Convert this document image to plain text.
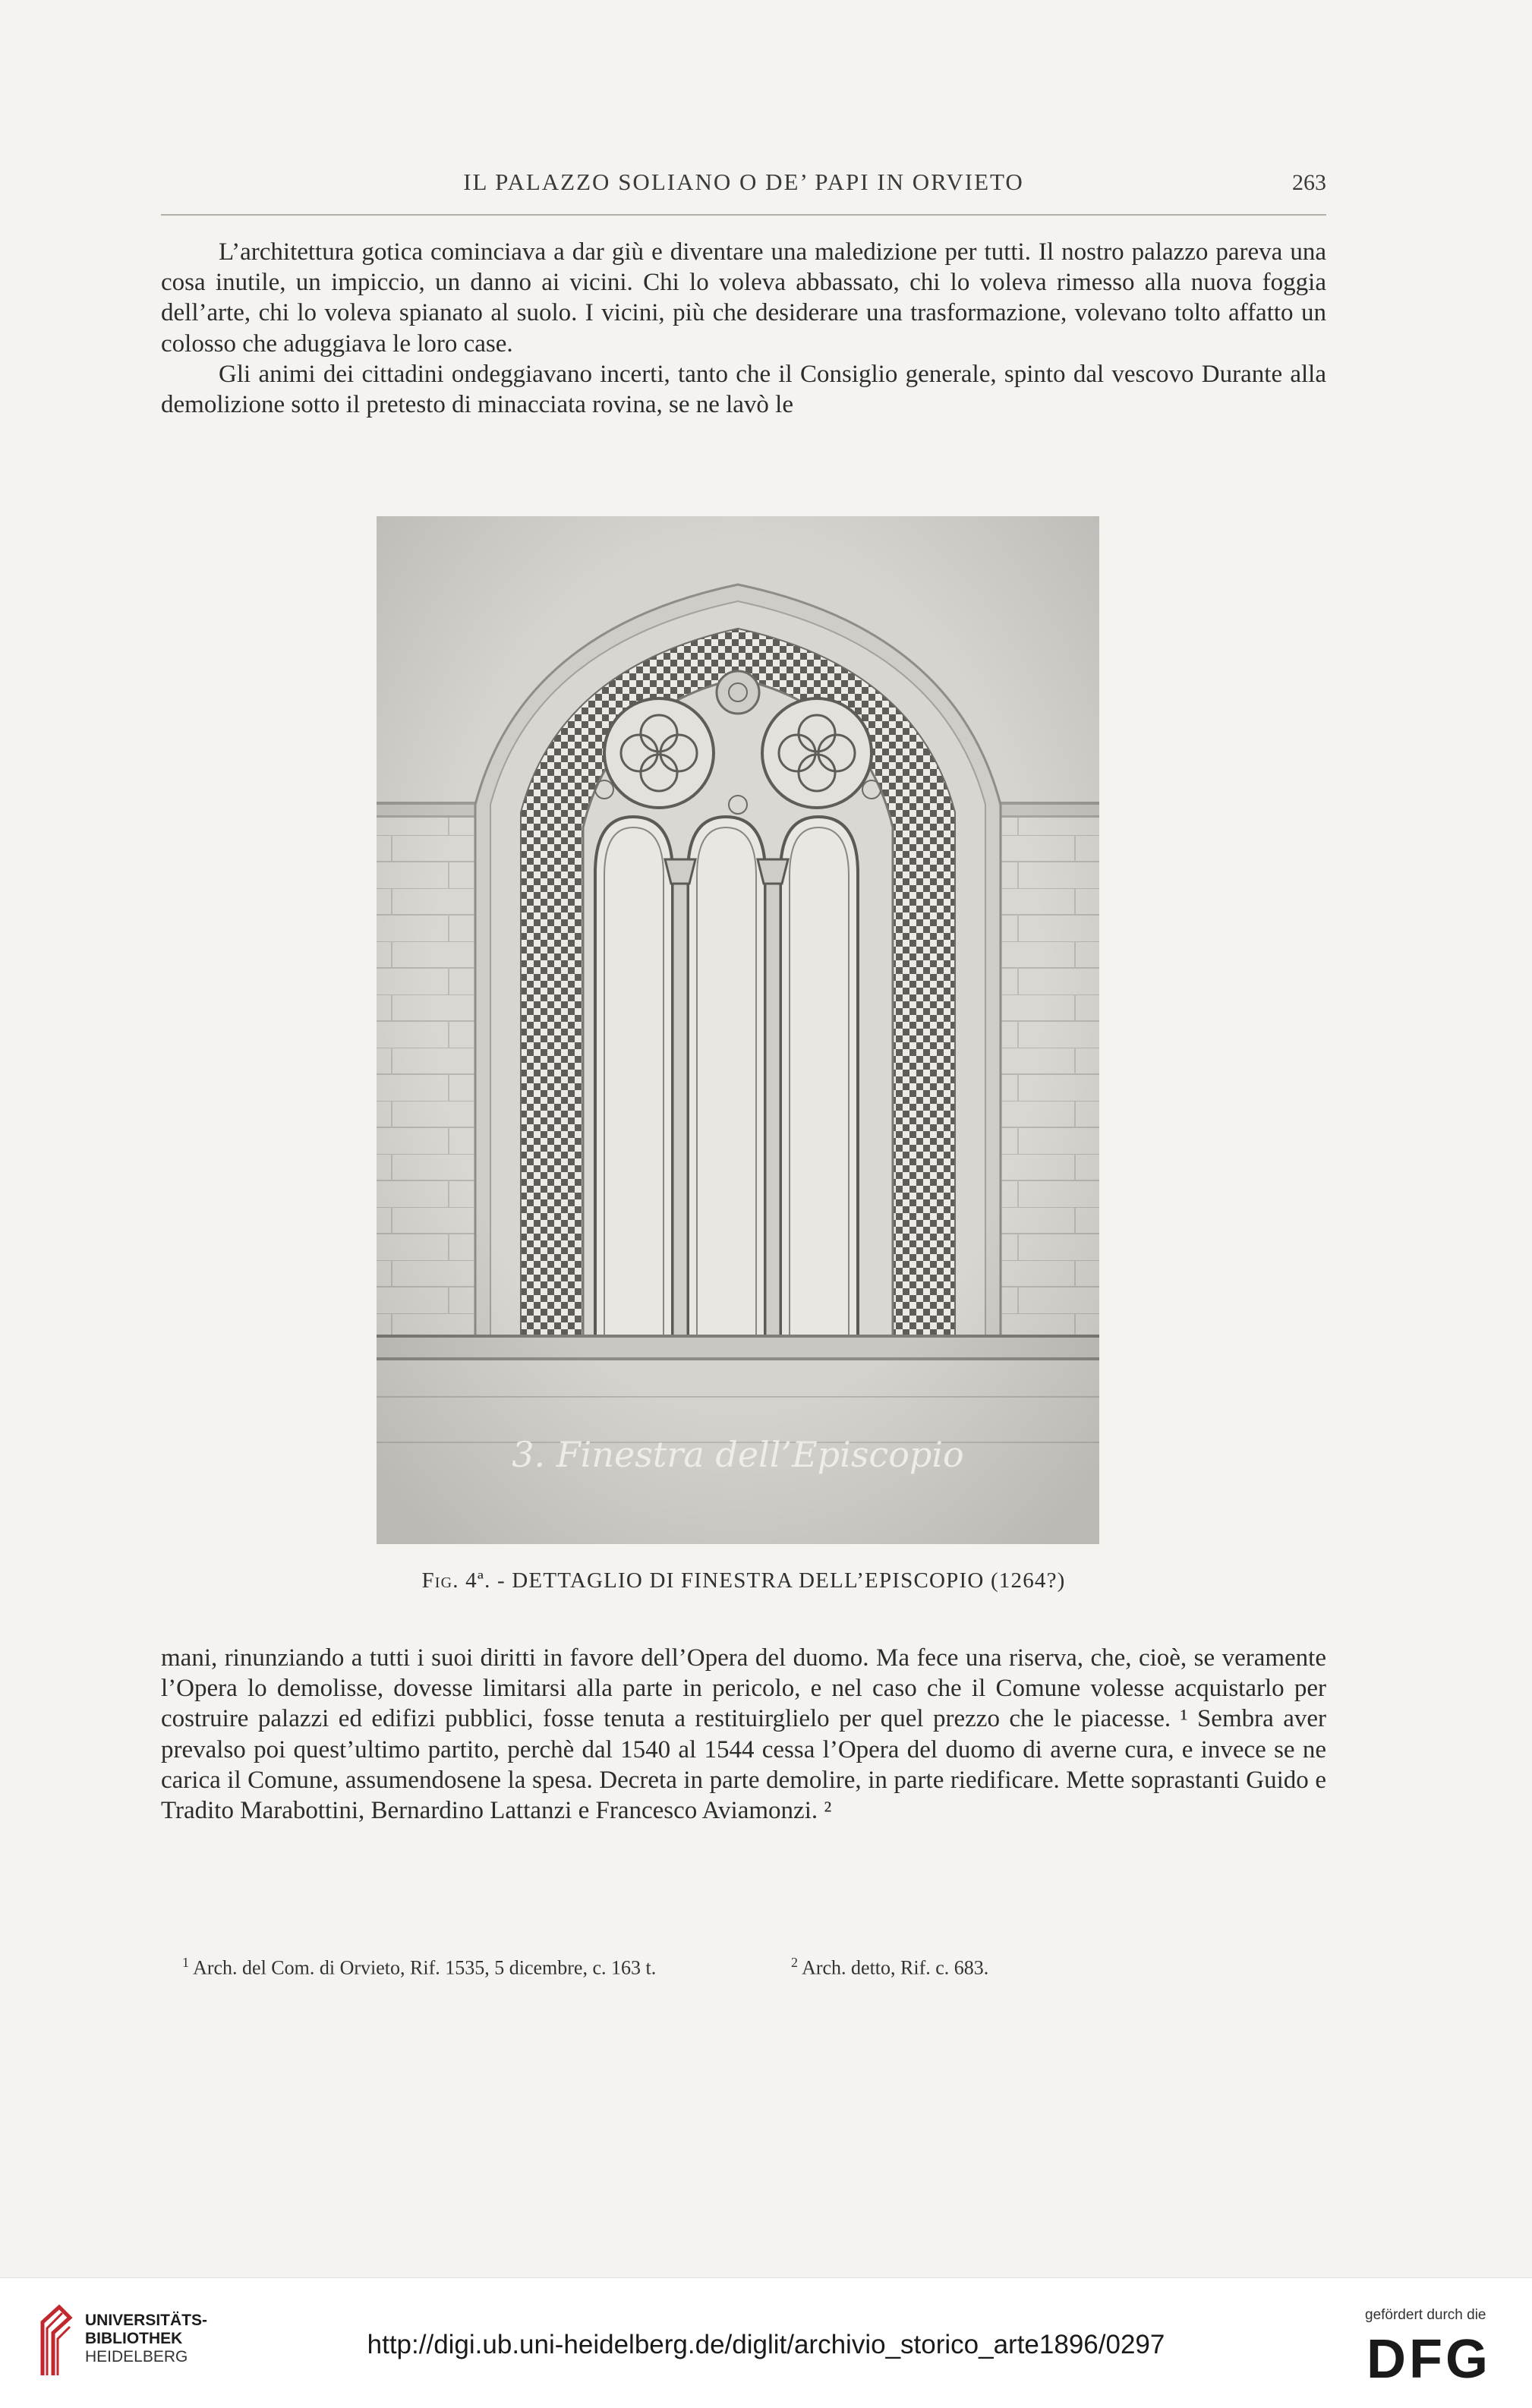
IL PALAZZO SOLIANO O DE’ PAPI IN ORVIETO	263

L’architettura gotica cominciava a dar giù e diventare una maledizione per tutti. Il nostro palazzo pareva una cosa inutile, un impiccio, un danno ai vicini. Chi lo voleva abbassato, chi lo voleva rimesso alla nuova foggia dell’arte, chi lo voleva spianato al suolo. I vicini, più che desiderare una trasformazione, volevano tolto affatto un colosso che aduggiava le loro case.

Gli animi dei cittadini ondeggiavano incerti, tanto che il Consiglio generale, spinto dal vescovo Durante alla demolizione sotto il pretesto di minacciata rovina, se ne lavò le

3. Finestra dell’Episcopio
Fig. 4ª. - DETTAGLIO DI FINESTRA DELL’EPISCOPIO (1264?)

mani, rinunziando a tutti i suoi diritti in favore dell’Opera del duomo. Ma fece una riserva, che, cioè, se veramente l’Opera lo demolisse, dovesse limitarsi alla parte in pericolo, e nel caso che il Comune volesse acquistarlo per costruire palazzi ed edifizi pubblici, fosse tenuta a restituirglielo per quel prezzo che le piacesse. ¹ Sembra aver prevalso poi quest’ultimo partito, perchè dal 1540 al 1544 cessa l’Opera del duomo di averne cura, e invece se ne carica il Comune, assumendosene la spesa. Decreta in parte demolire, in parte riedificare. Mette soprastanti Guido e Tradito Marabottini, Bernardino Lattanzi e Francesco Aviamonzi. ²

$^1$ Arch. del Com. di Orvieto, Rif. 1535, 5 dicembre, c. 163 t.	$^2$ Arch. detto, Rif. c. 683.
UNIVERSITÄTS-
BIBLIOTHEK
HEIDELBERG	http://digi.ub.uni-heidelberg.de/diglit/archivio_storico_arte1896/0297
gefördert durch die
DFG
